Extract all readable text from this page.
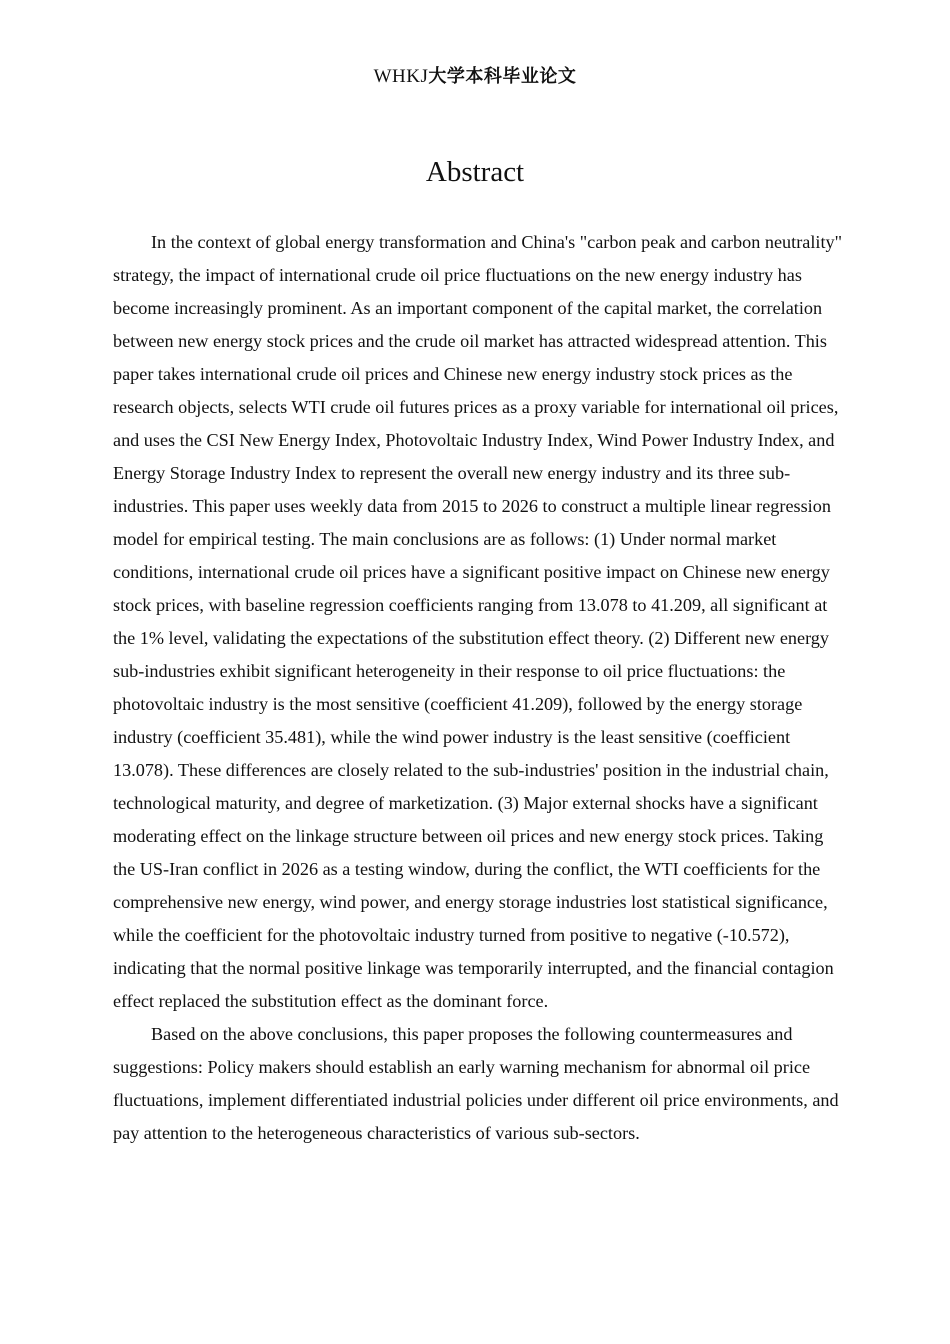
WHKJ大学本科毕业论文
Abstract

In the context of global energy transformation and China's "carbon peak and carbon neutrality" strategy, the impact of international crude oil price fluctuations on the new energy industry has become increasingly prominent. As an important component of the capital market, the correlation between new energy stock prices and the crude oil market has attracted widespread attention. This paper takes international crude oil prices and Chinese new energy industry stock prices as the research objects, selects WTI crude oil futures prices as a proxy variable for international oil prices, and uses the CSI New Energy Index, Photovoltaic Industry Index, Wind Power Industry Index, and Energy Storage Industry Index to represent the overall new energy industry and its three sub-industries. This paper uses weekly data from 2015 to 2026 to construct a multiple linear regression model for empirical testing. The main conclusions are as follows: (1) Under normal market conditions, international crude oil prices have a significant positive impact on Chinese new energy stock prices, with baseline regression coefficients ranging from 13.078 to 41.209, all significant at the 1% level, validating the expectations of the substitution effect theory. (2) Different new energy sub-industries exhibit significant heterogeneity in their response to oil price fluctuations: the photovoltaic industry is the most sensitive (coefficient 41.209), followed by the energy storage industry (coefficient 35.481), while the wind power industry is the least sensitive (coefficient 13.078). These differences are closely related to the sub-industries' position in the industrial chain, technological maturity, and degree of marketization. (3) Major external shocks have a significant moderating effect on the linkage structure between oil prices and new energy stock prices. Taking the US-Iran conflict in 2026 as a testing window, during the conflict, the WTI coefficients for the comprehensive new energy, wind power, and energy storage industries lost statistical significance, while the coefficient for the photovoltaic industry turned from positive to negative (-10.572), indicating that the normal positive linkage was temporarily interrupted, and the financial contagion effect replaced the substitution effect as the dominant force.

Based on the above conclusions, this paper proposes the following countermeasures and suggestions: Policy makers should establish an early warning mechanism for abnormal oil price fluctuations, implement differentiated industrial policies under different oil price environments, and pay attention to the heterogeneous characteristics of various sub-sectors.
